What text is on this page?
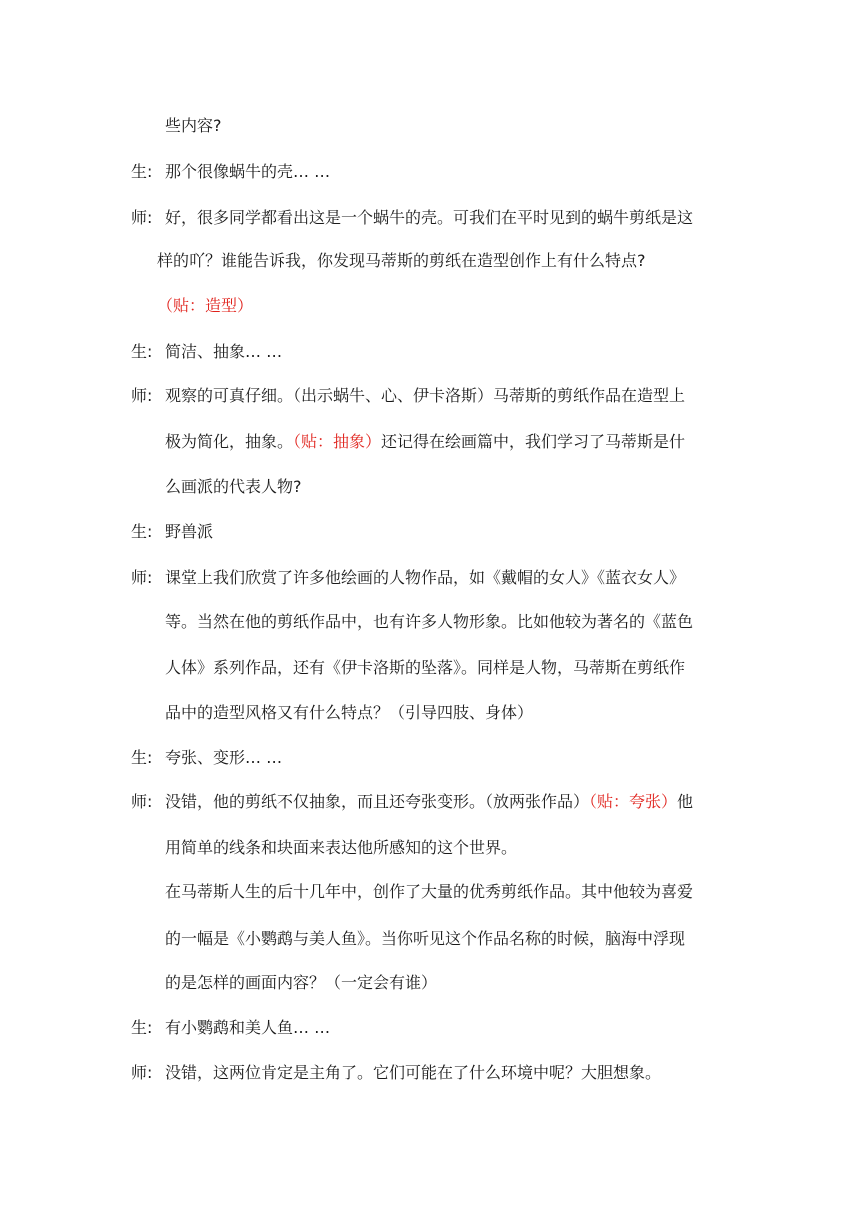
些内容?
生: 那个很像蜗牛的壳… …
师: 好，很多同学都看出这是一个蜗牛的壳。可我们在平时见到的蜗牛剪纸是这
样的吖？谁能告诉我，你发现马蒂斯的剪纸在造型创作上有什么特点?
（贴：造型）
生: 简洁、抽象… …
师: 观察的可真仔细。（出示蜗牛、心、伊卡洛斯）马蒂斯的剪纸作品在造型上
极为简化，抽象。（贴：抽象）还记得在绘画篇中，我们学习了马蒂斯是什
么画派的代表人物?
生: 野兽派
师: 课堂上我们欣赏了许多他绘画的人物作品，如《戴帽的女人》《蓝衣女人》
等。当然在他的剪纸作品中，也有许多人物形象。比如他较为著名的《蓝色
人体》系列作品，还有《伊卡洛斯的坠落》。同样是人物，马蒂斯在剪纸作
品中的造型风格又有什么特点？（引导四肢、身体）
生: 夸张、变形… …
师: 没错，他的剪纸不仅抽象，而且还夸张变形。（放两张作品）（贴：夸张）他
用简单的线条和块面来表达他所感知的这个世界。
在马蒂斯人生的后十几年中，创作了大量的优秀剪纸作品。其中他较为喜爱
的一幅是《小鹦鹉与美人鱼》。当你听见这个作品名称的时候，脑海中浮现
的是怎样的画面内容？（一定会有谁）
生: 有小鹦鹉和美人鱼… …
师: 没错，这两位肯定是主角了。它们可能在了什么环境中呢？大胆想象。
